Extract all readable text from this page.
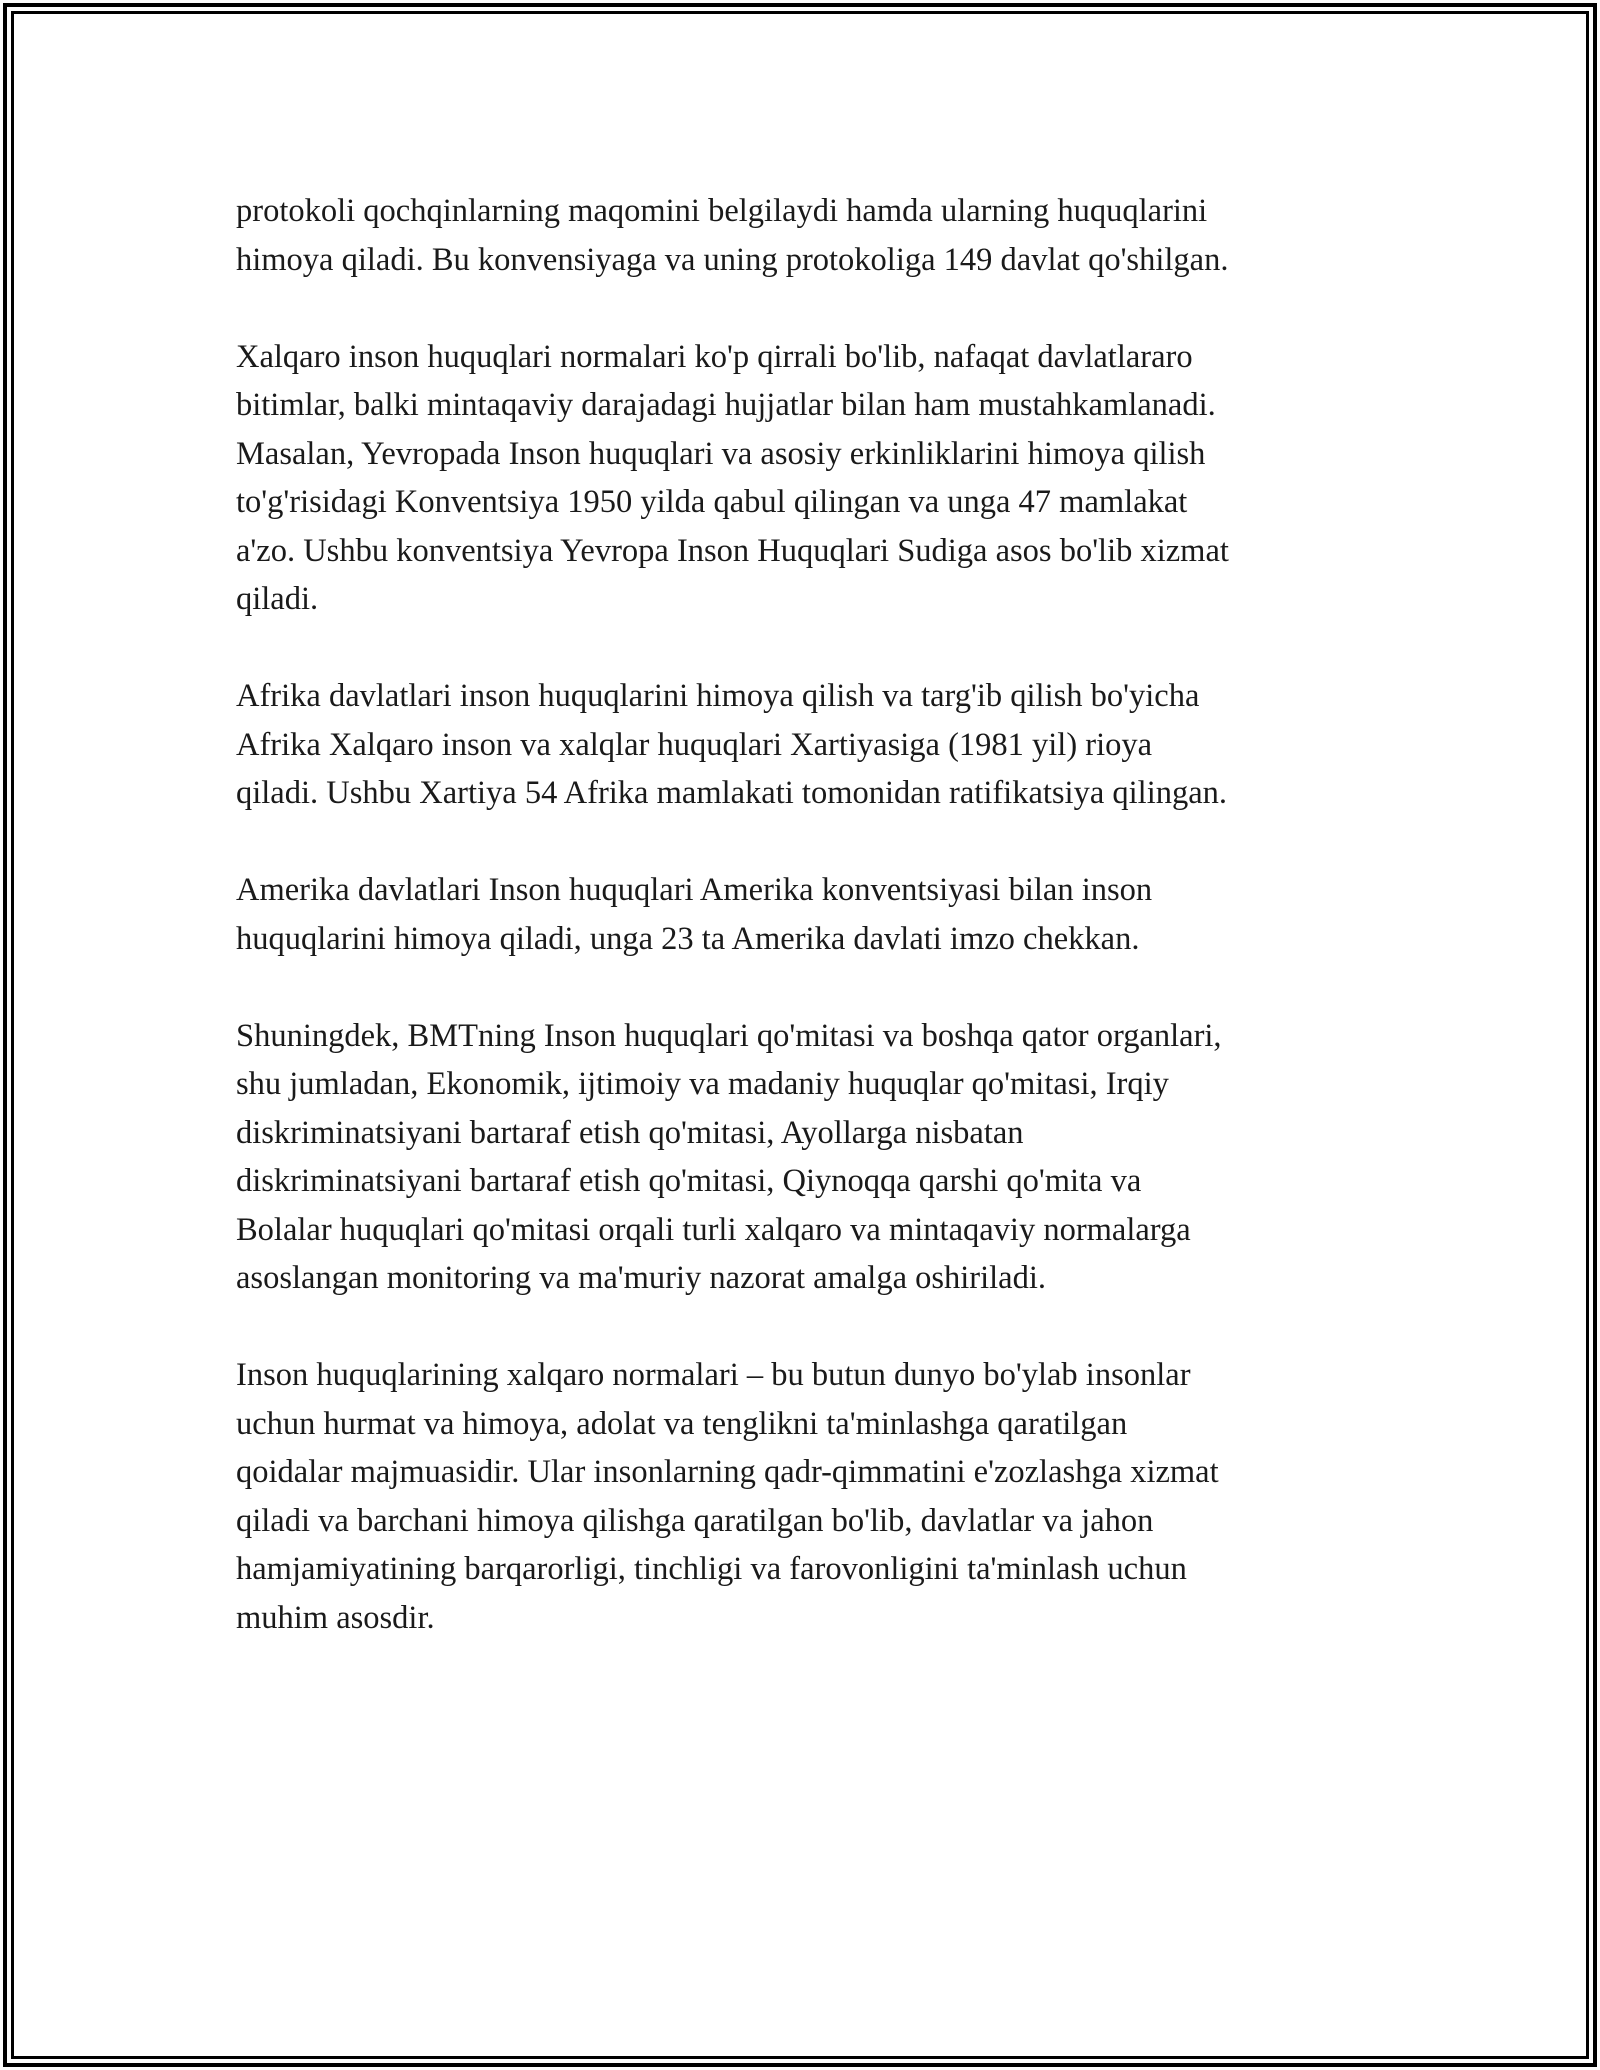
protokoli qochqinlarning maqomini belgilaydi hamda ularning huquqlarini
himoya qiladi. Bu konvensiyaga va uning protokoliga 149 davlat qo'shilgan.

Xalqaro inson huquqlari normalari ko'p qirrali bo'lib, nafaqat davlatlararo
bitimlar, balki mintaqaviy darajadagi hujjatlar bilan ham mustahkamlanadi.
Masalan, Yevropada Inson huquqlari va asosiy erkinliklarini himoya qilish
to'g'risidagi Konventsiya 1950 yilda qabul qilingan va unga 47 mamlakat
a'zo. Ushbu konventsiya Yevropa Inson Huquqlari Sudiga asos bo'lib xizmat
qiladi.

Afrika davlatlari inson huquqlarini himoya qilish va targ'ib qilish bo'yicha
Afrika Xalqaro inson va xalqlar huquqlari Xartiyasiga (1981 yil) rioya
qiladi. Ushbu Xartiya 54 Afrika mamlakati tomonidan ratifikatsiya qilingan.

Amerika davlatlari Inson huquqlari Amerika konventsiyasi bilan inson
huquqlarini himoya qiladi, unga 23 ta Amerika davlati imzo chekkan.

Shuningdek, BMTning Inson huquqlari qo'mitasi va boshqa qator organlari,
shu jumladan, Ekonomik, ijtimoiy va madaniy huquqlar qo'mitasi, Irqiy
diskriminatsiyani bartaraf etish qo'mitasi, Ayollarga nisbatan
diskriminatsiyani bartaraf etish qo'mitasi, Qiynoqqa qarshi qo'mita va
Bolalar huquqlari qo'mitasi orqali turli xalqaro va mintaqaviy normalarga
asoslangan monitoring va ma'muriy nazorat amalga oshiriladi.

Inson huquqlarining xalqaro normalari – bu butun dunyo bo'ylab insonlar
uchun hurmat va himoya, adolat va tenglikni ta'minlashga qaratilgan
qoidalar majmuasidir. Ular insonlarning qadr-qimmatini e'zozlashga xizmat
qiladi va barchani himoya qilishga qaratilgan bo'lib, davlatlar va jahon
hamjamiyatining barqarorligi, tinchligi va farovonligini ta'minlash uchun
muhim asosdir.
